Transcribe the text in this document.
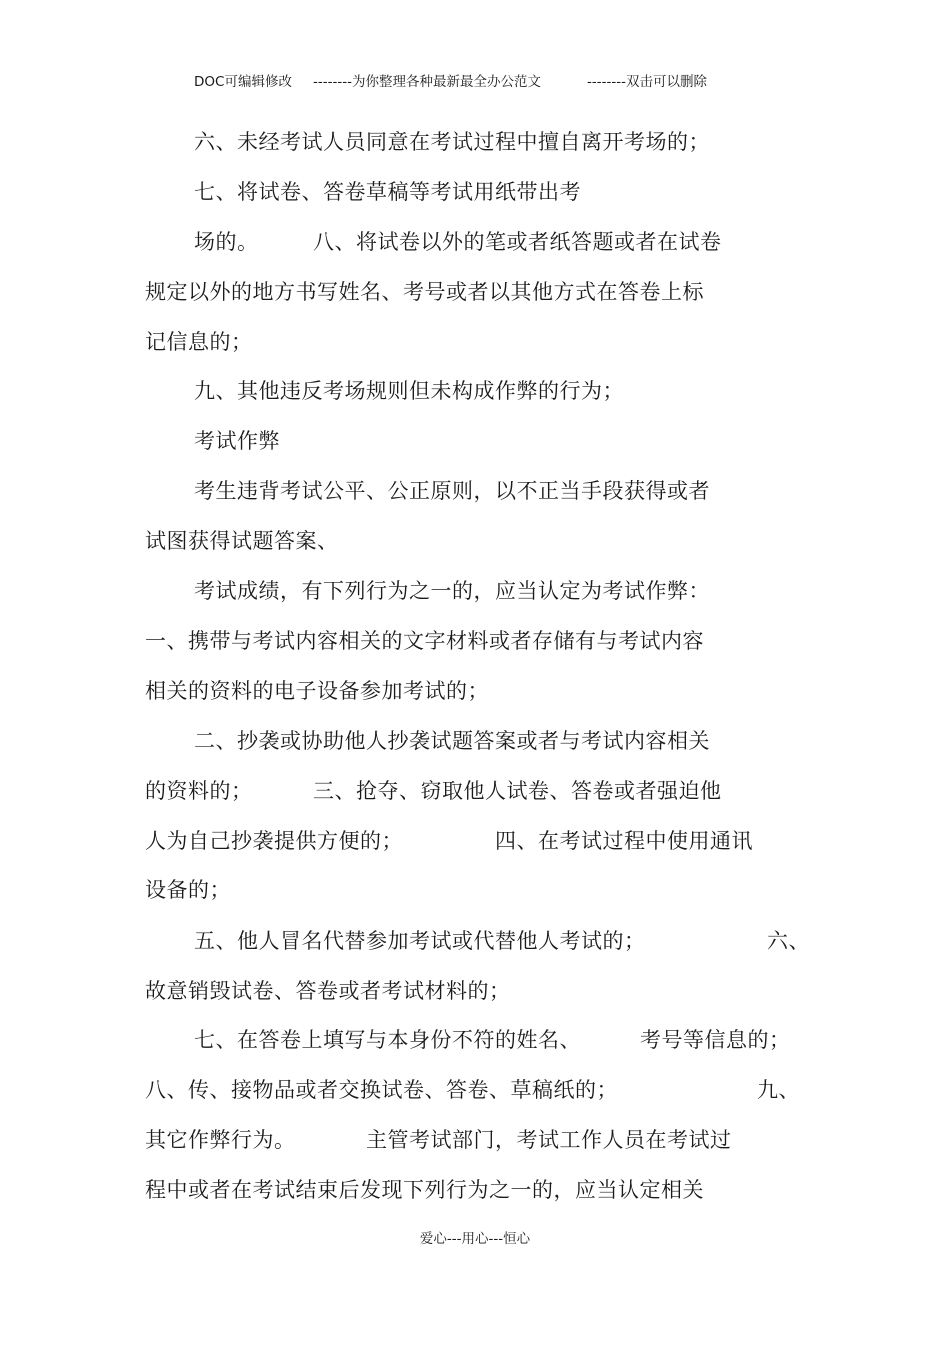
DOC可编辑修改 --------为你整理各种最新最全办公范文	--------双击可以删除
六、未经考试人员同意在考试过程中擅自离开考场的；
七、将试卷、答卷草稿等考试用纸带出考
场的。	八、将试卷以外的笔或者纸答题或者在试卷
规定以外的地方书写姓名、考号或者以其他方式在答卷上标
记信息的；
九、其他违反考场规则但未构成作弊的行为；
考试作弊
考生违背考试公平、公正原则，以不正当手段获得或者
试图获得试题答案、
考试成绩，有下列行为之一的，应当认定为考试作弊：
一、携带与考试内容相关的文字材料或者存储有与考试内容
相关的资料的电子设备参加考试的；
二、抄袭或协助他人抄袭试题答案或者与考试内容相关
的资料的；	三、抢夺、窃取他人试卷、答卷或者强迫他
人为自己抄袭提供方便的；	四、在考试过程中使用通讯
设备的；
五、他人冒名代替参加考试或代替他人考试的；	六、
故意销毁试卷、答卷或者考试材料的；
七、在答卷上填写与本身份不符的姓名、	考号等信息的；
八、传、接物品或者交换试卷、答卷、草稿纸的；	九、
其它作弊行为。	主管考试部门，考试工作人员在考试过
程中或者在考试结束后发现下列行为之一的，应当认定相关
爱心---用心---恒心
